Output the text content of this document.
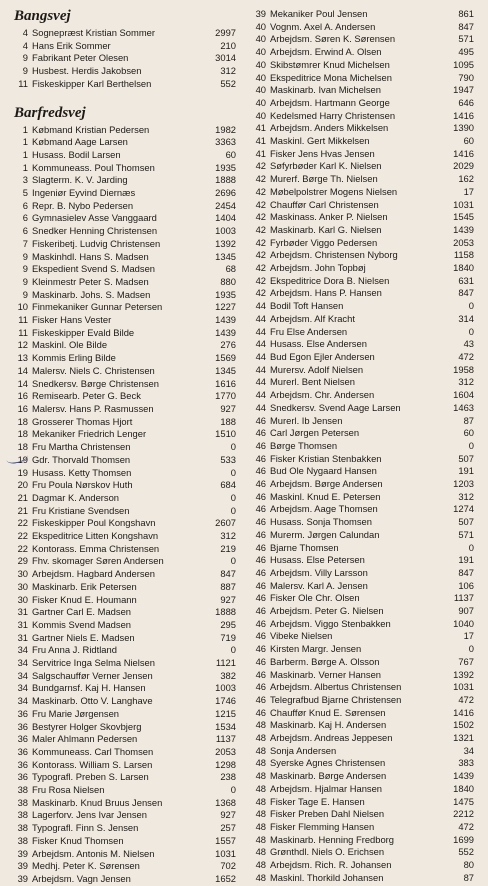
Bangsvej
4 Sognepræst Kristian Sommer	2997
4 Hans Erik Sommer	210
9 Fabrikant Peter Olesen	3014
9 Husbest. Herdis Jakobsen	312
11 Fiskeskipper Karl Berthelsen	552
Barfredsvej
1 Købmand Kristian Pedersen	1982
1 Købmand Aage Larsen	3363
1 Husass. Bodil Larsen	60
1 Kommuneass. Poul Thomsen	1935
3 Slagterm. K. V. Jarding	1888
5 Ingeniør Eyvind Diernæs	2696
6 Repr. B. Nybo Pedersen	2454
6 Gymnasielev Asse Vanggaard	1404
6 Snedker Henning Christensen	1003
7 Fiskeribetj. Ludvig Christensen	1392
9 Maskinhdl. Hans S. Madsen	1345
9 Ekspedient Svend S. Madsen	68
9 Kleinmestr Peter S. Madsen	880
9 Maskinarb. Johs. S. Madsen	1935
10 Finmekaniker Gunnar Petersen	1227
11 Fisker Hans Vester	1439
11 Fiskeskipper Evald Bilde	1439
12 Maskinl. Ole Bilde	276
13 Kommis Erling Bilde	1569
14 Malersv. Niels C. Christensen	1345
14 Snedkersv. Børge Christensen	1616
16 Remisearb. Peter G. Beck	1770
16 Malersv. Hans P. Rasmussen	927
18 Grosserer Thomas Hjort	188
18 Mekaniker Friedrich Lenger	1510
18 Fru Martha Christensen	0
19 Gdr. Thorvald Thomsen	533
19 Husass. Ketty Thomsen	0
20 Fru Poula Nørskov Huth	684
21 Dagmar K. Anderson	0
21 Fru Kristiane Svendsen	0
22 Fiskeskipper Poul Kongshavn	2607
22 Ekspeditrice Litten Kongshavn	312
22 Kontorass. Emma Christensen	219
29 Fhv. skomager Søren Andersen	0
30 Arbejdsm. Hagbard Andersen	847
30 Maskinarb. Erik Petersen	887
30 Fisker Knud E. Houmann	927
31 Gartner Carl E. Madsen	1888
31 Kommis Svend Madsen	295
31 Gartner Niels E. Madsen	719
34 Fru Anna J. Ridtland	0
34 Servitrice Inga Selma Nielsen	1121
34 Salgschauffør Verner Jensen	382
34 Bundgarnsf. Kaj H. Hansen	1003
34 Maskinarb. Otto V. Langhave	1746
36 Fru Marie Jørgensen	1215
36 Bestyrer Holger Skovbjerg	1534
36 Maler Ahlmann Pedersen	1137
36 Kommuneass. Carl Thomsen	2053
36 Kontorass. William S. Larsen	1298
36 Typografl. Preben S. Larsen	238
38 Fru Rosa Nielsen	0
38 Maskinarb. Knud Bruus Jensen	1368
38 Lagerforv. Jens Ivar Jensen	927
38 Typografl. Finn S. Jensen	257
38 Fisker Knud Thomsen	1557
39 Arbejdsm. Antonis M. Nielsen	1031
39 Medhj. Peter K. Sørensen	702
39 Arbejdsm. Vagn Jensen	1652
39 Mekaniker Poul Jensen	861
40 Vognm. Axel A. Andersen	847
40 Arbejdsm. Søren K. Sørensen	571
40 Arbejdsm. Erwind A. Olsen	495
40 Skibstømrer Knud Michelsen	1095
40 Ekspeditrice Mona Michelsen	790
40 Maskinarb. Ivan Michelsen	1947
40 Arbejdsm. Hartmann George	646
40 Kedelsmed Harry Christensen	1416
41 Arbejdsm. Anders Mikkelsen	1390
41 Maskinl. Gert Mikkelsen	60
41 Fisker Jens Hvas Jensen	1416
42 Søfyrbøder Karl K. Nielsen	2029
42 Murerf. Børge Th. Nielsen	162
42 Møbelpolstrer Mogens Nielsen	17
42 Chauffør Carl Christensen	1031
42 Maskinass. Anker P. Nielsen	1545
42 Maskinarb. Karl G. Nielsen	1439
42 Fyrbøder Viggo Pedersen	2053
42 Arbejdsm. Christensen Nyborg	1158
42 Arbejdsm. John Topbøj	1840
42 Ekspeditrice Dora B. Nielsen	631
42 Arbejdsm. Hans P. Hansen	847
44 Bodil Toft Hansen	0
44 Arbejdsm. Alf Kracht	314
44 Fru Else Andersen	0
44 Husass. Else Andersen	43
44 Bud Egon Ejler Andersen	472
44 Murersv. Adolf Nielsen	1958
44 Murerl. Bent Nielsen	312
44 Arbejdsm. Chr. Andersen	1604
44 Snedkersv. Svend Aage Larsen	1463
46 Murerl. Ib Jensen	87
46 Carl Jørgen Petersen	60
46 Børge Thomsen	0
46 Fisker Kristian Stenbakken	507
46 Bud Ole Nygaard Hansen	191
46 Arbejdsm. Børge Andersen	1203
46 Maskinl. Knud E. Petersen	312
46 Arbejdsm. Aage Thomsen	1274
46 Husass. Sonja Thomsen	507
46 Murerm. Jørgen Calundan	571
46 Bjarne Thomsen	0
46 Husass. Else Petersen	191
46 Arbejdsm. Villy Larsson	847
46 Malersv. Karl A. Jensen	106
46 Fisker Ole Chr. Olsen	1137
46 Arbejdsm. Peter G. Nielsen	907
46 Arbejdsm. Viggo Stenbakken	1040
46 Vibeke Nielsen	17
46 Kirsten Margr. Jensen	0
46 Barberm. Børge A. Olsson	767
46 Maskinarb. Verner Hansen	1392
46 Arbejdsm. Albertus Christensen	1031
46 Telegrafbud Bjarne Christensen	472
46 Chauffør Knud E. Sørensen	1416
48 Maskinarb. Kaj H. Andersen	1502
48 Arbejdsm. Andreas Jeppesen	1321
48 Sonja Andersen	34
48 Syerske Agnes Christensen	383
48 Maskinarb. Børge Andersen	1439
48 Arbejdsm. Hjalmar Hansen	1840
48 Fisker Tage E. Hansen	1475
48 Fisker Preben Dahl Nielsen	2212
48 Fisker Flemming Hansen	472
48 Maskinarb. Henning Fredborg	1699
48 Grønthdl. Niels O. Erichsen	552
48 Arbejdsm. Rich. R. Johansen	80
48 Maskinl. Thorkild Johansen	87
